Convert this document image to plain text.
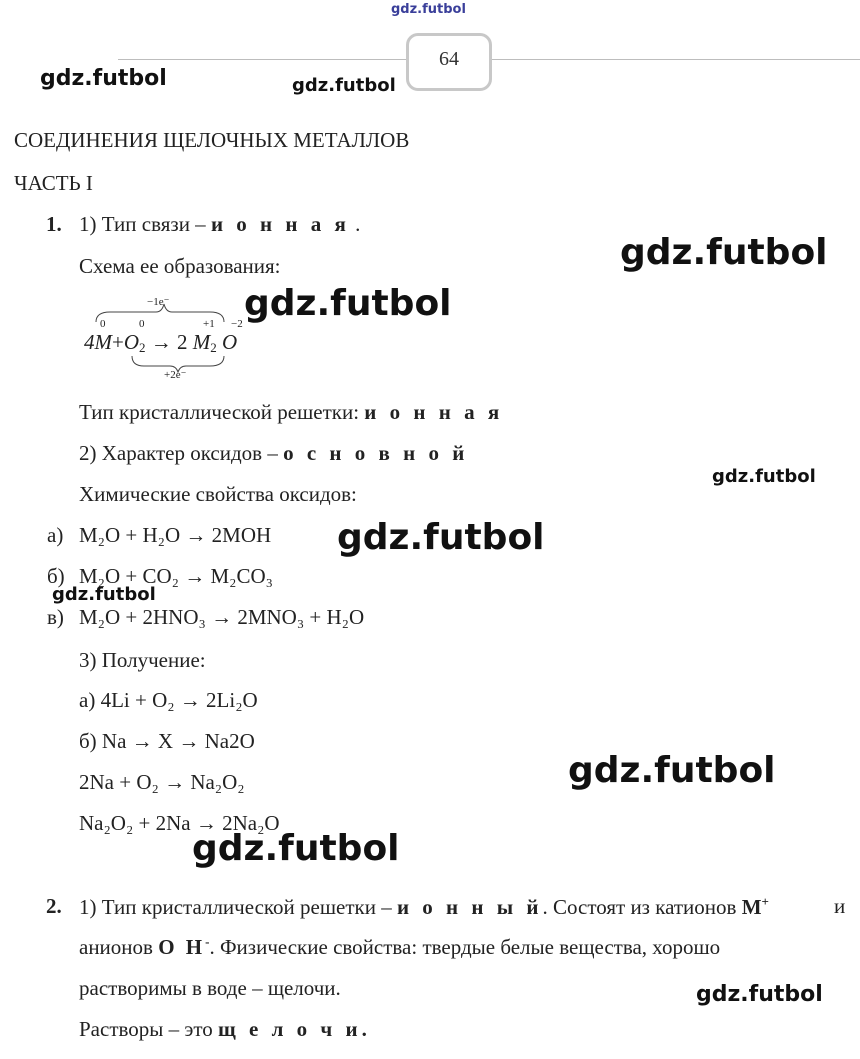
gdz.futbol
64
gdz.futbol	gdz.futbol
СОЕДИНЕНИЯ ЩЕЛОЧНЫХ МЕТАЛЛОВ
ЧАСТЬ I
1. 1) Тип связи – и о н н а я .
gdz.futbol
Схема ее образования:
−1e⁻
+2e⁻
0	0	+1 −2
$4M+O_2 \to 2$ $M_2$ O
gdz.futbol
Тип кристаллической решетки: и о н н а я
2) Характер оксидов – о с н о в н о й
gdz.futbol
Химические свойства оксидов:
а) M₂O + H₂O → 2MOH gdz.futbol
б) M₂O + CO₂ → M₂CO₃
gdz.futbol
в) M₂O + 2HNO₃ → 2MNO₃ + H₂O
3) Получение:
а) 4Li + O₂ → 2Li₂O
б) Na → X → Na2O
2Na + O₂ → Na₂O₂	gdz.futbol
Na₂O₂ + 2Na → 2Na₂O
gdz.futbol
2. 1) Тип кристаллической решетки – и о н н ы й. Состоят из катионов M+	и
анионов O H-. Физические свойства: твердые белые вещества, хорошо
растворимы в воде – щелочи.	gdz.futbol
Растворы – это щ е л о ч и.
